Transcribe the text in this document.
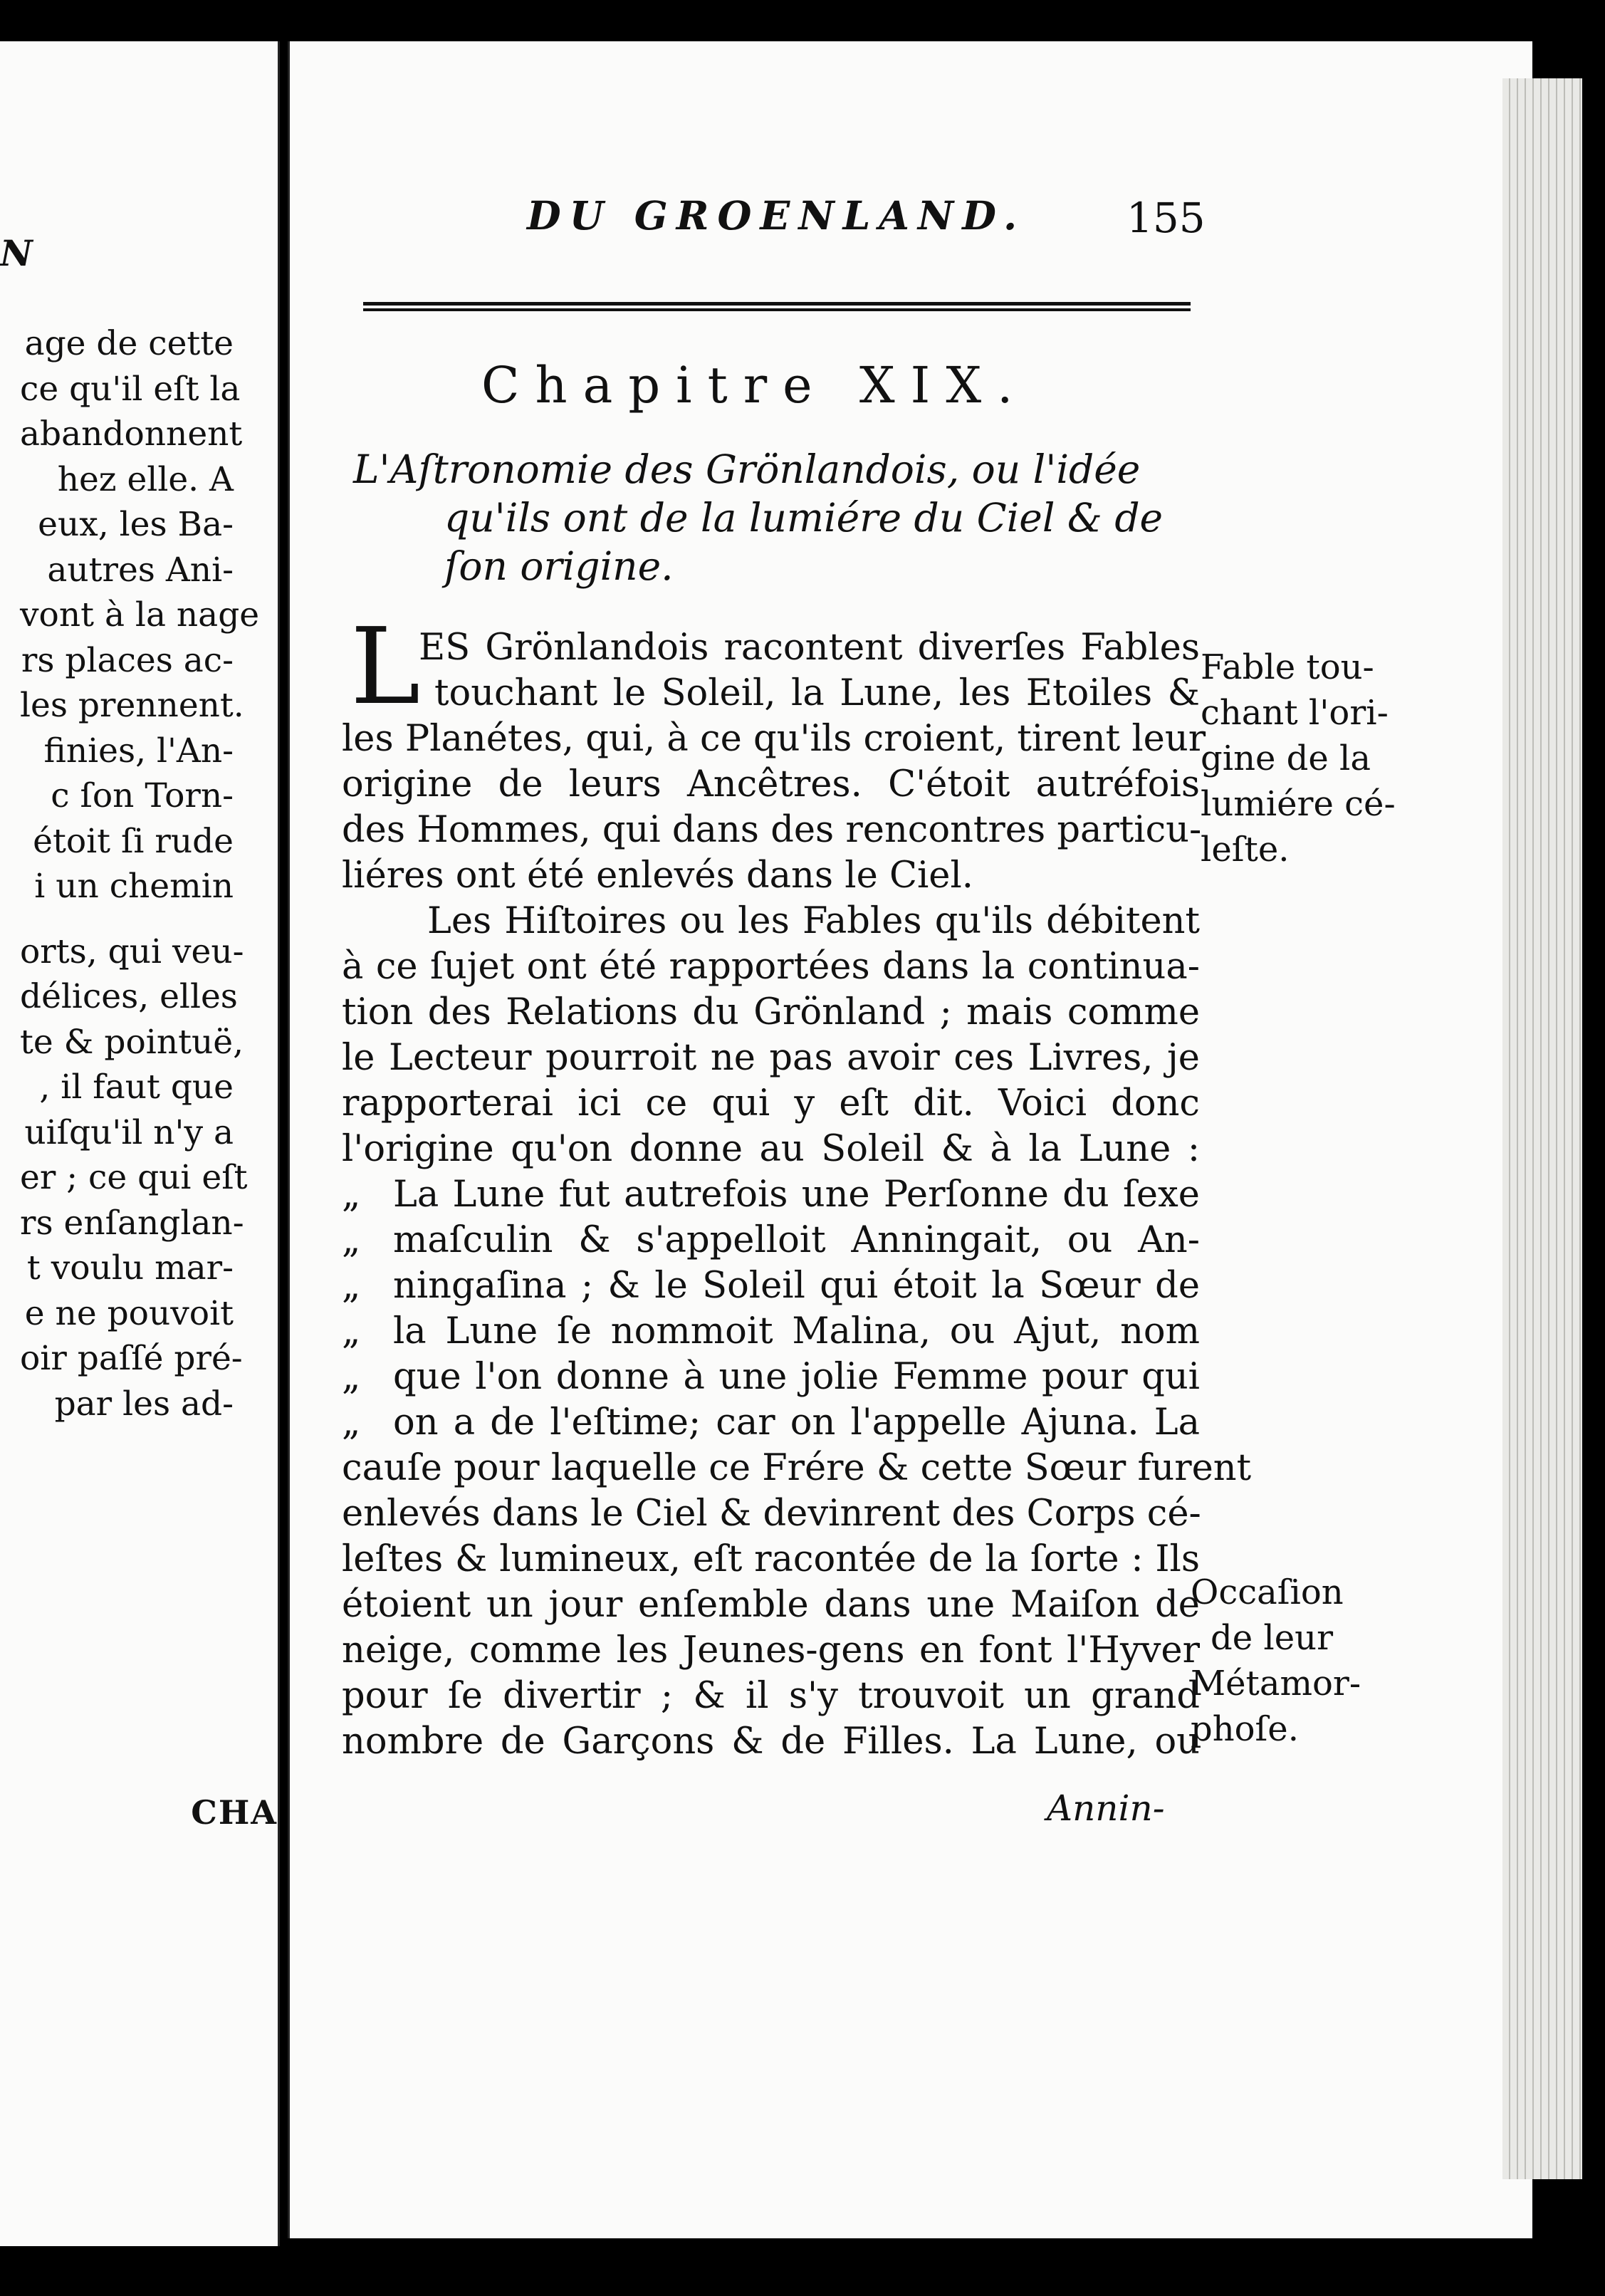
N
age de cette
ce qu'il eſt la
abandonnent
hez elle. A
eux, les Ba-
autres Ani-
vont à la nage
rs places ac-
les prennent.
finies, l'An-
c ſon Torn-
étoit ſi rude
i un chemin
orts, qui veu-
délices, elles
te & pointuë,
, il faut que
uiſqu'il n'y a
er ; ce qui eſt
rs enſanglan-
t voulu mar-
e ne pouvoit
oir paſſé pré-
par les ad-
CHA
DU GROENLAND. 155
Chapitre XIX.
L'Aſtronomie des Grönlandois, ou l'idée
qu'ils ont de la lumiére du Ciel & de
ſon origine.
L
ES Grönlandois racontent diverſes Fables
touchant le Soleil, la Lune, les Etoiles &
les Planétes, qui, à ce qu'ils croient, tirent leur
origine de leurs Ancêtres. C'étoit autréfois
des Hommes, qui dans des rencontres particu-
liéres ont été enlevés dans le Ciel.
Les Hiſtoires ou les Fables qu'ils débitent
à ce ſujet ont été rapportées dans la continua-
tion des Relations du Grönland ; mais comme
le Lecteur pourroit ne pas avoir ces Livres, je
rapporterai ici ce qui y eſt dit. Voici donc
l'origine qu'on donne au Soleil & à la Lune :
„ La Lune fut autrefois une Perſonne du ſexe
„ maſculin & s'appelloit Anningait, ou An-
„ ningaſina ; & le Soleil qui étoit la Sœur de
„ la Lune ſe nommoit Malina, ou Ajut, nom
„ que l'on donne à une jolie Femme pour qui
„ on a de l'eſtime; car on l'appelle Ajuna. La
cauſe pour laquelle ce Frére & cette Sœur furent
enlevés dans le Ciel & devinrent des Corps cé-
leſtes & lumineux, eſt racontée de la ſorte : Ils
étoient un jour enſemble dans une Maiſon de
neige, comme les Jeunes-gens en font l'Hyver
pour ſe divertir ; & il s'y trouvoit un grand
nombre de Garçons & de Filles. La Lune, ou
Fable tou-
chant l'ori-
gine de la
lumiére cé-
leſte.
Occaſion
de leur
Métamor-
phoſe.
Annin-
